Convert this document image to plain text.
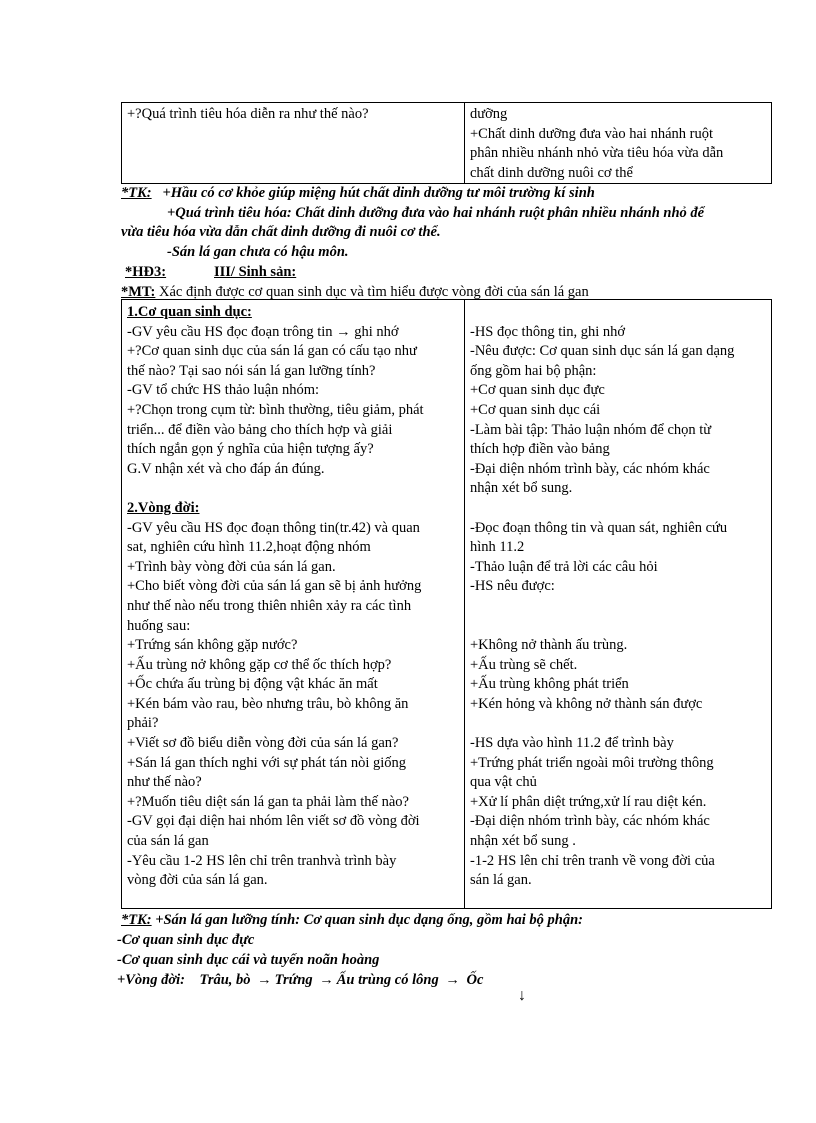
+?Quá trình tiêu hóa diễn ra như thế nào?	dưỡng
+Chất dinh dưỡng đưa vào hai nhánh ruột
phân nhiều nhánh nhỏ vừa tiêu hóa vừa dẫn
chất dinh dưỡng nuôi cơ thể
*TK: +Hầu có cơ khỏe giúp miệng hút chất dinh dưỡng tư môi trường kí sinh
+Quá trình tiêu hóa: Chất dinh dưỡng đưa vào hai nhánh ruột phân nhiều nhánh nhỏ để
vừa tiêu hóa vừa dẫn chất dinh dưỡng đi nuôi cơ thể.
-Sán lá gan chưa có hậu môn.
*HĐ3:	III/ Sinh sản:
*MT: Xác định được cơ quan sinh dục và tìm hiểu được vòng đời của sán lá gan
1.Cơ quan sinh dục:
-GV yêu cầu HS đọc đoạn trông tin → ghi nhớ
+?Cơ quan sinh dục của sán lá gan có cấu tạo như
thế nào? Tại sao nói sán lá gan lưỡng tính?
-GV tổ chức HS thảo luận nhóm:
+?Chọn trong cụm từ: bình thường, tiêu giảm, phát
triển... để điền vào bảng cho thích hợp và giải
thích ngắn gọn ý nghĩa của hiện tượng ấy?
G.V nhận xét và cho đáp án đúng.
2.Vòng đời:
-GV yêu cầu HS đọc đoạn thông tin(tr.42) và quan
sat, nghiên cứu hình 11.2,hoạt động nhóm
+Trình bày vòng đời của sán lá gan.
+Cho biết vòng đời của sán lá gan sẽ bị ảnh hưởng
như thế nào nếu trong thiên nhiên xảy ra các tình
huống sau:
+Trứng sán không gặp nước?
+Ấu trùng nở không gặp cơ thể ốc thích hợp?
+Ốc chứa ấu trùng bị động vật khác ăn mất
+Kén bám vào rau, bèo nhưng trâu, bò không ăn
phải?
+Viết sơ đồ biểu diễn vòng đời của sán lá gan?
+Sán lá gan thích nghi với sự phát tán nòi giống
như thế nào?
+?Muốn tiêu diệt sán lá gan ta phải làm thế nào?
-GV gọi đại diện hai nhóm lên viết sơ đồ vòng đời
của sán lá gan
-Yêu cầu 1-2 HS lên chỉ trên tranhvà trình bày
vòng đời của sán lá gan.
-HS đọc thông tin, ghi nhớ
-Nêu được: Cơ quan sinh dục sán lá gan dạng
ống gồm hai bộ phận:
+Cơ quan sinh dục đực
+Cơ quan sinh dục cái
-Làm bài tập: Thảo luận nhóm để chọn từ
thích hợp điền vào bảng
-Đại diện nhóm trình bày, các nhóm khác
nhận xét bổ sung.
-Đọc đoạn thông tin và quan sát, nghiên cứu
hình 11.2
-Thảo luận để trả lời các câu hỏi
-HS nêu được:
+Không nở thành ấu trùng.
+Ấu trùng sẽ chết.
+Ấu trùng không phát triển
+Kén hỏng và không nở thành sán được
-HS dựa vào hình 11.2 để trình bày
+Trứng phát triển ngoài môi trường thông
qua vật chủ
+Xử lí phân diệt trứng,xử lí rau diệt kén.
-Đại diện nhóm trình bày, các nhóm khác
nhận xét bổ sung .
-1-2 HS lên chỉ trên tranh về vong đời của
sán lá gan.
*TK: +Sán lá gan lưỡng tính: Cơ quan sinh dục dạng ống, gồm hai bộ phận:
-Cơ quan sinh dục đực
-Cơ quan sinh dục cái và tuyến noãn hoàng
+Vòng đời: Trâu, bò → Trứng → Ấu trùng có lông → Ốc
↓
